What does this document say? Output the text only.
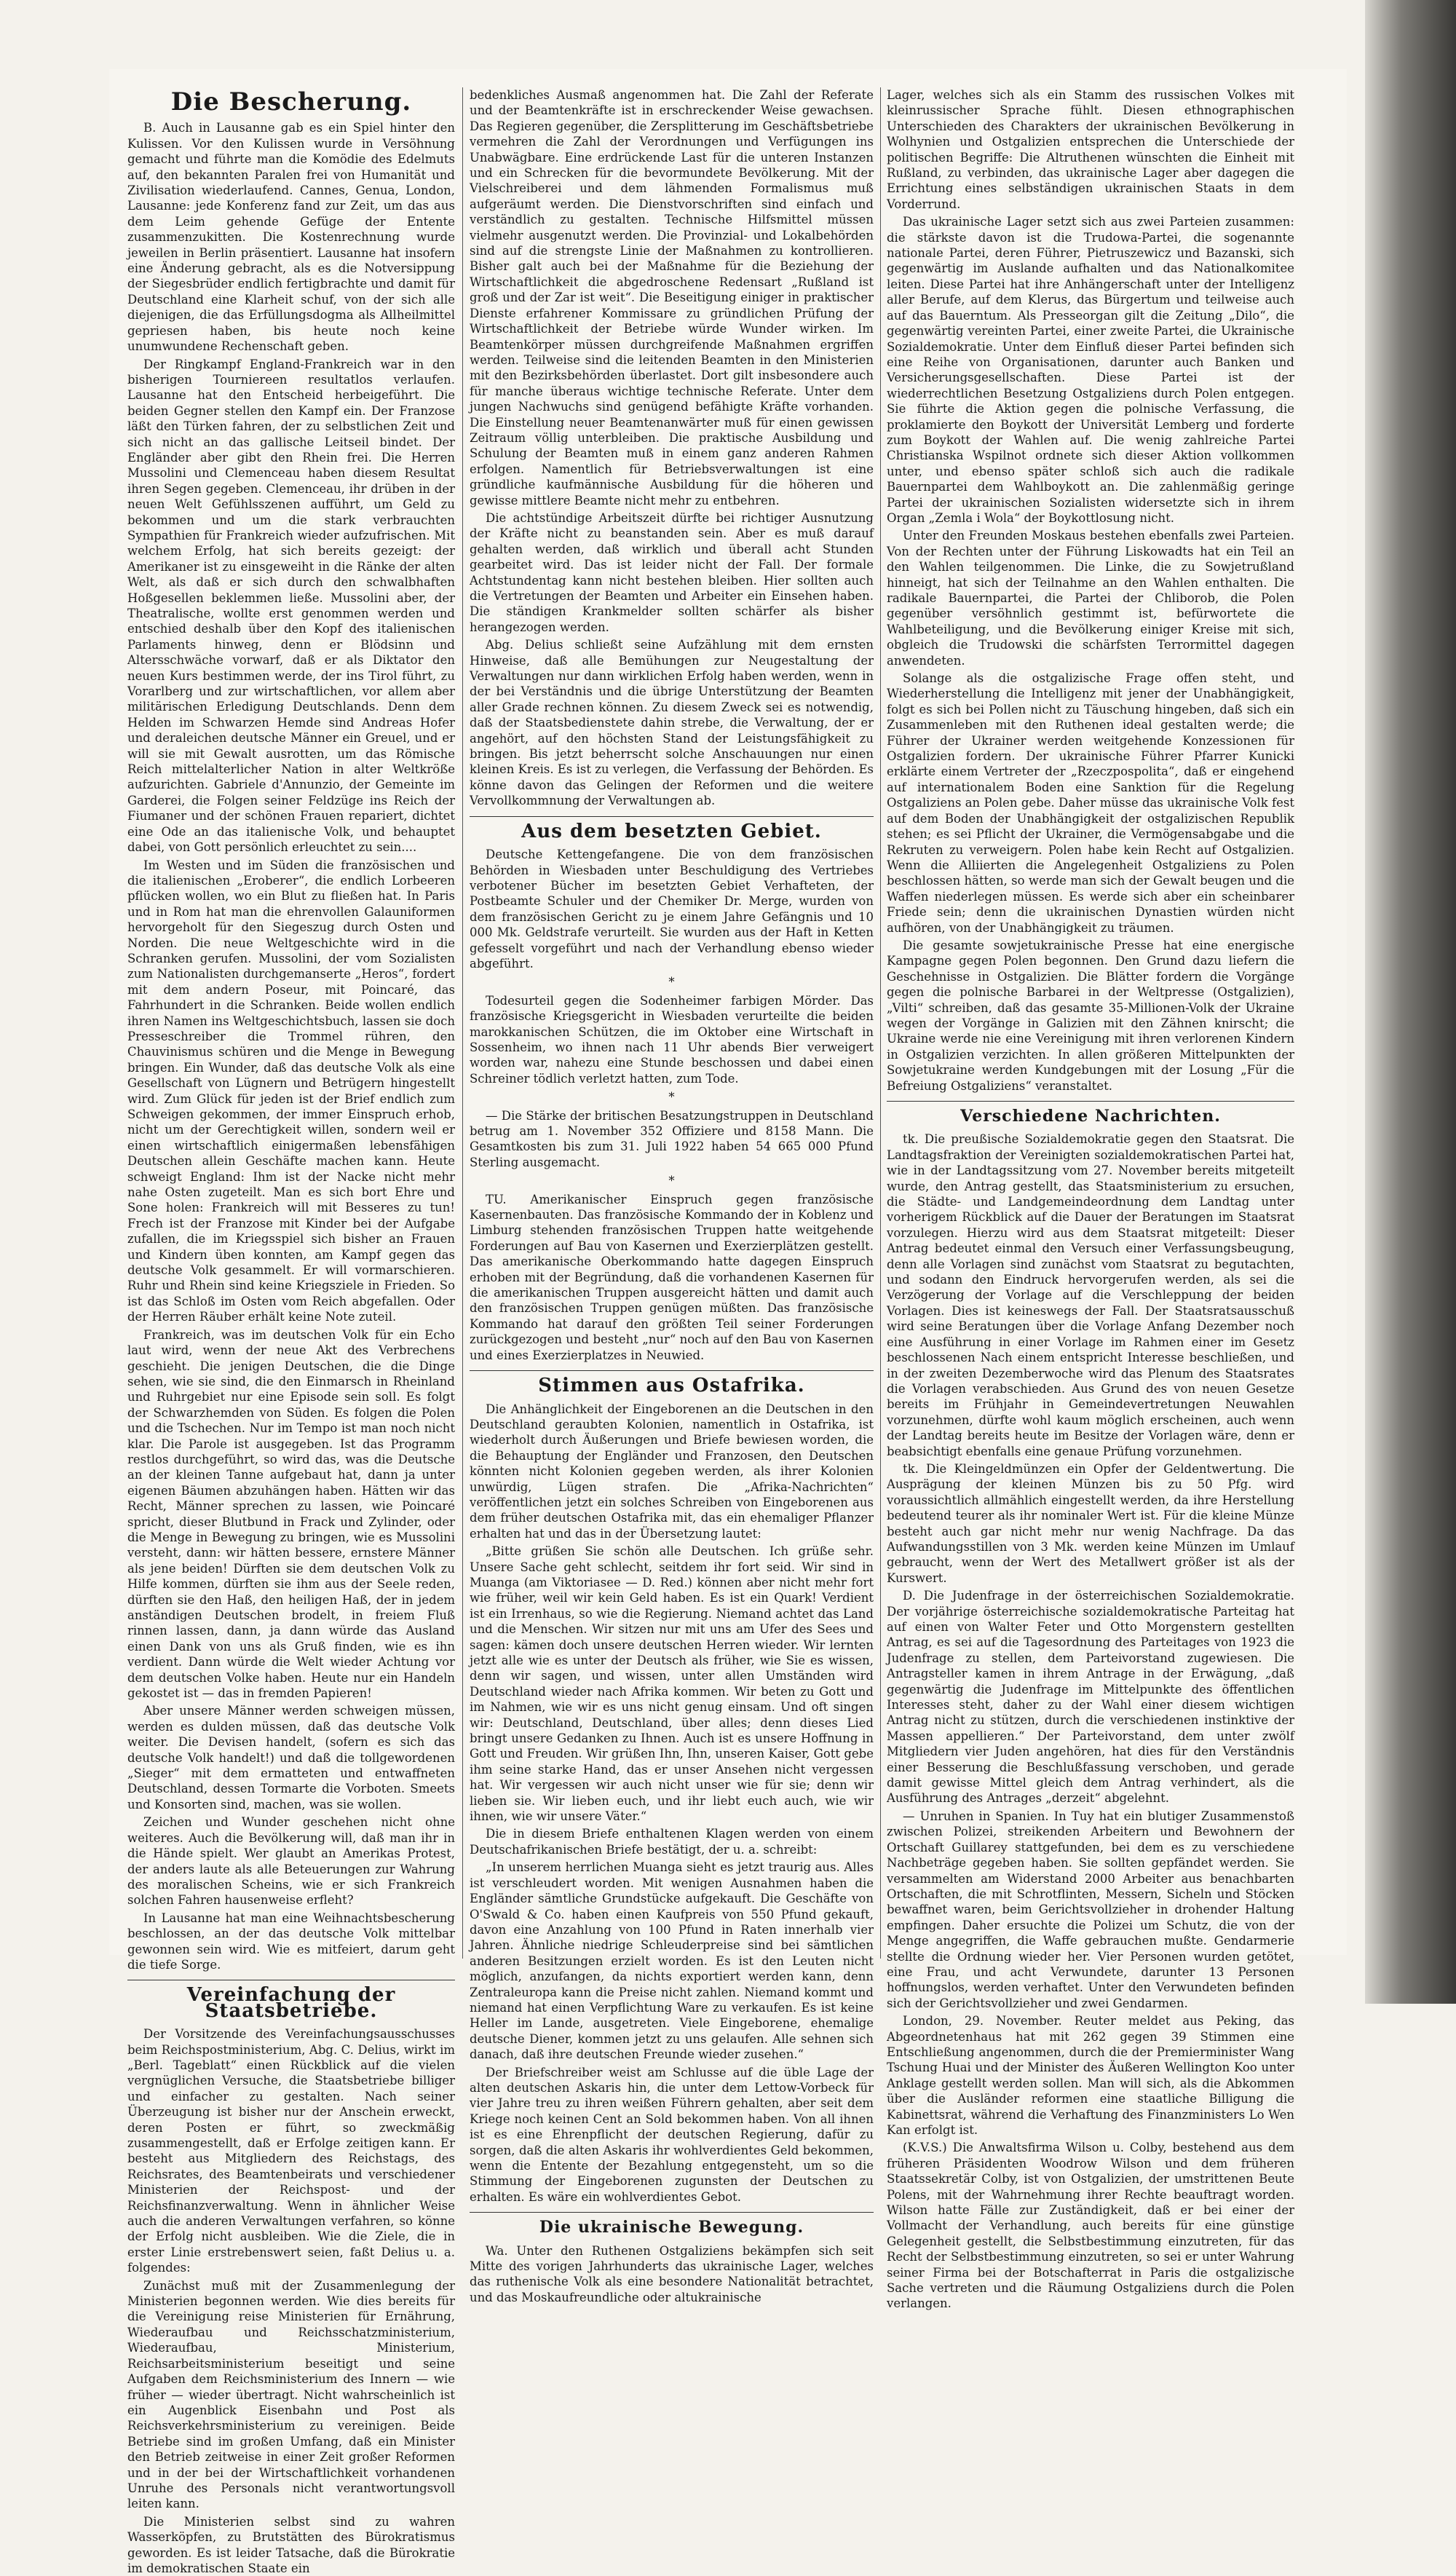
Die Bescherung.

B. Auch in Lausanne gab es ein Spiel hinter den Kulissen. Vor den Kulissen wurde in Versöhnung gemacht und führte man die Komödie des Edelmuts auf, den bekannten Paralen frei von Humanität und Zivilisation wiederlaufend. Cannes, Genua, London, Lausanne: jede Konferenz fand zur Zeit, um das aus dem Leim gehende Gefüge der Entente zusammenzukitten. Die Kostenrechnung wurde jeweilen in Berlin präsentiert. Lausanne hat insofern eine Änderung gebracht, als es die Notversippung der Siegesbrüder endlich fertigbrachte und damit für Deutschland eine Klarheit schuf, von der sich alle diejenigen, die das Erfüllungsdogma als Allheilmittel gepriesen haben, bis heute noch keine unumwundene Rechenschaft geben.

Der Ringkampf England-Frankreich war in den bisherigen Tourniereen resultatlos verlaufen. Lausanne hat den Entscheid herbeigeführt. Die beiden Gegner stellen den Kampf ein. Der Franzose läßt den Türken fahren, der zu selbstlichen Zeit und sich nicht an das gallische Leitseil bindet. Der Engländer aber gibt den Rhein frei. Die Herren Mussolini und Clemenceau haben diesem Resultat ihren Segen gegeben. Clemenceau, ihr drüben in der neuen Welt Gefühlsszenen aufführt, um Geld zu bekommen und um die stark verbrauchten Sympathien für Frankreich wieder aufzufrischen. Mit welchem Erfolg, hat sich bereits gezeigt: der Amerikaner ist zu einsgeweiht in die Ränke der alten Welt, als daß er sich durch den schwalbhaften Hoßgesellen beklemmen ließe. Mussolini aber, der Theatralische, wollte erst genommen werden und entschied deshalb über den Kopf des italienischen Parlaments hinweg, denn er Blödsinn und Altersschwäche vorwarf, daß er als Diktator den neuen Kurs bestimmen werde, der ins Tirol führt, zu Vorarlberg und zur wirtschaftlichen, vor allem aber militärischen Erledigung Deutschlands. Denn dem Helden im Schwarzen Hemde sind Andreas Hofer und deraleichen deutsche Männer ein Greuel, und er will sie mit Gewalt ausrotten, um das Römische Reich mittelalterlicher Nation in alter Weltkröße aufzurichten. Gabriele d'Annunzio, der Gemeinte im Garderei, die Folgen seiner Feldzüge ins Reich der Fiumaner und der schönen Frauen repariert, dichtet eine Ode an das italienische Volk, und behauptet dabei, von Gott persönlich erleuchtet zu sein....

Im Westen und im Süden die französischen und die italienischen „Eroberer“, die endlich Lorbeeren pflücken wollen, wo ein Blut zu fließen hat. In Paris und in Rom hat man die ehrenvollen Galauniformen hervorgeholt für den Siegeszug durch Osten und Norden. Die neue Weltgeschichte wird in die Schranken gerufen. Mussolini, der vom Sozialisten zum Nationalisten durchgemanserte „Heros“, fordert mit dem andern Poseur, mit Poincaré, das Fahrhundert in die Schranken. Beide wollen endlich ihren Namen ins Weltgeschichtsbuch, lassen sie doch Presseschreiber die Trommel rühren, den Chauvinismus schüren und die Menge in Bewegung bringen. Ein Wunder, daß das deutsche Volk als eine Gesellschaft von Lügnern und Betrügern hingestellt wird. Zum Glück für jeden ist der Brief endlich zum Schweigen gekommen, der immer Einspruch erhob, nicht um der Gerechtigkeit willen, sondern weil er einen wirtschaftlich einigermaßen lebensfähigen Deutschen allein Geschäfte machen kann. Heute schweigt England: Ihm ist der Nacke nicht mehr nahe Osten zugeteilt. Man es sich bort Ehre und Sone holen: Frankreich will mit Besseres zu tun! Frech ist der Franzose mit Kinder bei der Aufgabe zufallen, die im Kriegsspiel sich bisher an Frauen und Kindern üben konnten, am Kampf gegen das deutsche Volk gesammelt. Er will vormarschieren. Ruhr und Rhein sind keine Kriegsziele in Frieden. So ist das Schloß im Osten vom Reich abgefallen. Oder der Herren Räuber erhält keine Note zuteil.

Frankreich, was im deutschen Volk für ein Echo laut wird, wenn der neue Akt des Verbrechens geschieht. Die jenigen Deutschen, die die Dinge sehen, wie sie sind, die den Einmarsch in Rheinland und Ruhrgebiet nur eine Episode sein soll. Es folgt der Schwarzhemden von Süden. Es folgen die Polen und die Tschechen. Nur im Tempo ist man noch nicht klar. Die Parole ist ausgegeben. Ist das Programm restlos durchgeführt, so wird das, was die Deutsche an der kleinen Tanne aufgebaut hat, dann ja unter eigenen Bäumen abzuhängen haben. Hätten wir das Recht, Männer sprechen zu lassen, wie Poincaré spricht, dieser Blutbund in Frack und Zylinder, oder die Menge in Bewegung zu bringen, wie es Mussolini versteht, dann: wir hätten bessere, ernstere Männer als jene beiden! Dürften sie dem deutschen Volk zu Hilfe kommen, dürften sie ihm aus der Seele reden, dürften sie den Haß, den heiligen Haß, der in jedem anständigen Deutschen brodelt, in freiem Fluß rinnen lassen, dann, ja dann würde das Ausland einen Dank von uns als Gruß finden, wie es ihn verdient. Dann würde die Welt wieder Achtung vor dem deutschen Volke haben. Heute nur ein Handeln gekostet ist — das in fremden Papieren!

Aber unsere Männer werden schweigen müssen, werden es dulden müssen, daß das deutsche Volk weiter. Die Devisen handelt, (sofern es sich das deutsche Volk handelt!) und daß die tollgewordenen „Sieger“ mit dem ermatteten und entwaffneten Deutschland, dessen Tormarte die Vorboten. Smeets und Konsorten sind, machen, was sie wollen.

Zeichen und Wunder geschehen nicht ohne weiteres. Auch die Bevölkerung will, daß man ihr in die Hände spielt. Wer glaubt an Amerikas Protest, der anders laute als alle Beteuerungen zur Wahrung des moralischen Scheins, wie er sich Frankreich solchen Fahren hausenweise erfleht?

In Lausanne hat man eine Weihnachtsbescherung beschlossen, an der das deutsche Volk mittelbar gewonnen sein wird. Wie es mitfeiert, darum geht die tiefe Sorge.

Vereinfachung der Staatsbetriebe.

Der Vorsitzende des Vereinfachungsausschusses beim Reichspostministerium, Abg. C. Delius, wirkt im „Berl. Tageblatt“ einen Rückblick auf die vielen vergnüglichen Versuche, die Staatsbetriebe billiger und einfacher zu gestalten. Nach seiner Überzeugung ist bisher nur der Anschein erweckt, deren Posten er führt, so zweckmäßig zusammengestellt, daß er Erfolge zeitigen kann. Er besteht aus Mitgliedern des Reichstags, des Reichsrates, des Beamtenbeirats und verschiedener Ministerien der Reichspost- und der Reichsfinanzverwaltung. Wenn in ähnlicher Weise auch die anderen Verwaltungen verfahren, so könne der Erfolg nicht ausbleiben. Wie die Ziele, die in erster Linie erstrebenswert seien, faßt Delius u. a. folgendes:

Zunächst muß mit der Zusammenlegung der Ministerien begonnen werden. Wie dies bereits für die Vereinigung reise Ministerien für Ernährung, Wiederaufbau und Reichsschatzministerium, Wiederaufbau, Ministerium, Reichsarbeitsministerium beseitigt und seine Aufgaben dem Reichsministerium des Innern — wie früher — wieder übertragt. Nicht wahrscheinlich ist ein Augenblick Eisenbahn und Post als Reichsverkehrsministerium zu vereinigen. Beide Betriebe sind im großen Umfang, daß ein Minister den Betrieb zeitweise in einer Zeit großer Reformen und in der bei der Wirtschaftlichkeit vorhandenen Unruhe des Personals nicht verantwortungsvoll leiten kann.

Die Ministerien selbst sind zu wahren Wasserköpfen, zu Brutstätten des Bürokratismus geworden. Es ist leider Tatsache, daß die Bürokratie im demokratischen Staate ein

bedenkliches Ausmaß angenommen hat. Die Zahl der Referate und der Beamtenkräfte ist in erschreckender Weise gewachsen. Das Regieren gegenüber, die Zersplitterung im Geschäftsbetriebe vermehren die Zahl der Verordnungen und Verfügungen ins Unabwägbare. Eine erdrückende Last für die unteren Instanzen und ein Schrecken für die bevormundete Bevölkerung. Mit der Vielschreiberei und dem lähmenden Formalismus muß aufgeräumt werden. Die Dienstvorschriften sind einfach und verständlich zu gestalten. Technische Hilfsmittel müssen vielmehr ausgenutzt werden. Die Provinzial- und Lokalbehörden sind auf die strengste Linie der Maßnahmen zu kontrollieren. Bisher galt auch bei der Maßnahme für die Beziehung der Wirtschaftlichkeit die abgedroschene Redensart „Rußland ist groß und der Zar ist weit“. Die Beseitigung einiger in praktischer Dienste erfahrener Kommissare zu gründlichen Prüfung der Wirtschaftlichkeit der Betriebe würde Wunder wirken. Im Beamtenkörper müssen durchgreifende Maßnahmen ergriffen werden. Teilweise sind die leitenden Beamten in den Ministerien mit den Bezirksbehörden überlastet. Dort gilt insbesondere auch für manche überaus wichtige technische Referate. Unter dem jungen Nachwuchs sind genügend befähigte Kräfte vorhanden. Die Einstellung neuer Beamtenanwärter muß für einen gewissen Zeitraum völlig unterbleiben. Die praktische Ausbildung und Schulung der Beamten muß in einem ganz anderen Rahmen erfolgen. Namentlich für Betriebsverwaltungen ist eine gründliche kaufmännische Ausbildung für die höheren und gewisse mittlere Beamte nicht mehr zu entbehren.

Die achtstündige Arbeitszeit dürfte bei richtiger Ausnutzung der Kräfte nicht zu beanstanden sein. Aber es muß darauf gehalten werden, daß wirklich und überall acht Stunden gearbeitet wird. Das ist leider nicht der Fall. Der formale Achtstundentag kann nicht bestehen bleiben. Hier sollten auch die Vertretungen der Beamten und Arbeiter ein Einsehen haben. Die ständigen Krankmelder sollten schärfer als bisher herangezogen werden.

Abg. Delius schließt seine Aufzählung mit dem ernsten Hinweise, daß alle Bemühungen zur Neugestaltung der Verwaltungen nur dann wirklichen Erfolg haben werden, wenn in der bei Verständnis und die übrige Unterstützung der Beamten aller Grade rechnen können. Zu diesem Zweck sei es notwendig, daß der Staatsbedienstete dahin strebe, die Verwaltung, der er angehört, auf den höchsten Stand der Leistungsfähigkeit zu bringen. Bis jetzt beherrscht solche Anschauungen nur einen kleinen Kreis. Es ist zu verlegen, die Verfassung der Behörden. Es könne davon das Gelingen der Reformen und die weitere Vervollkommnung der Verwaltungen ab.

Aus dem besetzten Gebiet.

Deutsche Kettengefangene. Die von dem französischen Behörden in Wiesbaden unter Beschuldigung des Vertriebes verbotener Bücher im besetzten Gebiet Verhafteten, der Postbeamte Schuler und der Chemiker Dr. Merge, wurden von dem französischen Gericht zu je einem Jahre Gefängnis und 10 000 Mk. Geldstrafe verurteilt. Sie wurden aus der Haft in Ketten gefesselt vorgeführt und nach der Verhandlung ebenso wieder abgeführt.

*

Todesurteil gegen die Sodenheimer farbigen Mörder. Das französische Kriegsgericht in Wiesbaden verurteilte die beiden marokkanischen Schützen, die im Oktober eine Wirtschaft in Sossenheim, wo ihnen nach 11 Uhr abends Bier verweigert worden war, nahezu eine Stunde beschossen und dabei einen Schreiner tödlich verletzt hatten, zum Tode.

*

— Die Stärke der britischen Besatzungstruppen in Deutschland betrug am 1. November 352 Offiziere und 8158 Mann. Die Gesamtkosten bis zum 31. Juli 1922 haben 54 665 000 Pfund Sterling ausgemacht.

*

TU. Amerikanischer Einspruch gegen französische Kasernenbauten. Das französische Kommando der in Koblenz und Limburg stehenden französischen Truppen hatte weitgehende Forderungen auf Bau von Kasernen und Exerzierplätzen gestellt. Das amerikanische Oberkommando hatte dagegen Einspruch erhoben mit der Begründung, daß die vorhandenen Kasernen für die amerikanischen Truppen ausgereicht hätten und damit auch den französischen Truppen genügen müßten. Das französische Kommando hat darauf den größten Teil seiner Forderungen zurückgezogen und besteht „nur“ noch auf den Bau von Kasernen und eines Exerzierplatzes in Neuwied.

Stimmen aus Ostafrika.

Die Anhänglichkeit der Eingeborenen an die Deutschen in den Deutschland geraubten Kolonien, namentlich in Ostafrika, ist wiederholt durch Äußerungen und Briefe bewiesen worden, die die Behauptung der Engländer und Franzosen, den Deutschen könnten nicht Kolonien gegeben werden, als ihrer Kolonien unwürdig, Lügen strafen. Die „Afrika-Nachrichten“ veröffentlichen jetzt ein solches Schreiben von Eingeborenen aus dem früher deutschen Ostafrika mit, das ein ehemaliger Pflanzer erhalten hat und das in der Übersetzung lautet:

„Bitte grüßen Sie schön alle Deutschen. Ich grüße sehr. Unsere Sache geht schlecht, seitdem ihr fort seid. Wir sind in Muanga (am Viktoriasee — D. Red.) können aber nicht mehr fort wie früher, weil wir kein Geld haben. Es ist ein Quark! Verdient ist ein Irrenhaus, so wie die Regierung. Niemand achtet das Land und die Menschen. Wir sitzen nur mit uns am Ufer des Sees und sagen: kämen doch unsere deutschen Herren wieder. Wir lernten jetzt alle wie es unter der Deutsch als früher, wie Sie es wissen, denn wir sagen, und wissen, unter allen Umständen wird Deutschland wieder nach Afrika kommen. Wir beten zu Gott und im Nahmen, wie wir es uns nicht genug einsam. Und oft singen wir: Deutschland, Deutschland, über alles; denn dieses Lied bringt unsere Gedanken zu Ihnen. Auch ist es unsere Hoffnung in Gott und Freuden. Wir grüßen Ihn, Ihn, unseren Kaiser, Gott gebe ihm seine starke Hand, das er unser Ansehen nicht vergessen hat. Wir vergessen wir auch nicht unser wie für sie; denn wir lieben sie. Wir lieben euch, und ihr liebt euch auch, wie wir ihnen, wie wir unsere Väter.“

Die in diesem Briefe enthaltenen Klagen werden von einem Deutschafrikanischen Briefe bestätigt, der u. a. schreibt:

„In unserem herrlichen Muanga sieht es jetzt traurig aus. Alles ist verschleudert worden. Mit wenigen Ausnahmen haben die Engländer sämtliche Grundstücke aufgekauft. Die Geschäfte von O'Swald & Co. haben einen Kaufpreis von 550 Pfund gekauft, davon eine Anzahlung von 100 Pfund in Raten innerhalb vier Jahren. Ähnliche niedrige Schleuderpreise sind bei sämtlichen anderen Besitzungen erzielt worden. Es ist den Leuten nicht möglich, anzufangen, da nichts exportiert werden kann, denn Zentraleuropa kann die Preise nicht zahlen. Niemand kommt und niemand hat einen Verpflichtung Ware zu verkaufen. Es ist keine Heller im Lande, ausgetreten. Viele Eingeborene, ehemalige deutsche Diener, kommen jetzt zu uns gelaufen. Alle sehnen sich danach, daß ihre deutschen Freunde wieder zusehen.“

Der Briefschreiber weist am Schlusse auf die üble Lage der alten deutschen Askaris hin, die unter dem Lettow-Vorbeck für vier Jahre treu zu ihren weißen Führern gehalten, aber seit dem Kriege noch keinen Cent an Sold bekommen haben. Von all ihnen ist es eine Ehrenpflicht der deutschen Regierung, dafür zu sorgen, daß die alten Askaris ihr wohlverdientes Geld bekommen, wenn die Entente der Bezahlung entgegensteht, um so die Stimmung der Eingeborenen zugunsten der Deutschen zu erhalten. Es wäre ein wohlverdientes Gebot.

Die ukrainische Bewegung.

Wa. Unter den Ruthenen Ostgaliziens bekämpfen sich seit Mitte des vorigen Jahrhunderts das ukrainische Lager, welches das ruthenische Volk als eine besondere Nationalität betrachtet, und das Moskaufreundliche oder altukrainische

Lager, welches sich als ein Stamm des russischen Volkes mit kleinrussischer Sprache fühlt. Diesen ethnographischen Unterschieden des Charakters der ukrainischen Bevölkerung in Wolhynien und Ostgalizien entsprechen die Unterschiede der politischen Begriffe: Die Altruthenen wünschten die Einheit mit Rußland, zu verbinden, das ukrainische Lager aber dagegen die Errichtung eines selbständigen ukrainischen Staats in dem Vorderrund.

Das ukrainische Lager setzt sich aus zwei Parteien zusammen: die stärkste davon ist die Trudowa-Partei, die sogenannte nationale Partei, deren Führer, Pietruszewicz und Bazanski, sich gegenwärtig im Auslande aufhalten und das Nationalkomitee leiten. Diese Partei hat ihre Anhängerschaft unter der Intelligenz aller Berufe, auf dem Klerus, das Bürgertum und teilweise auch auf das Bauerntum. Als Presseorgan gilt die Zeitung „Dilo“, die gegenwärtig vereinten Partei, einer zweite Partei, die Ukrainische Sozialdemokratie. Unter dem Einfluß dieser Partei befinden sich eine Reihe von Organisationen, darunter auch Banken und Versicherungsgesellschaften. Diese Partei ist der wiederrechtlichen Besetzung Ostgaliziens durch Polen entgegen. Sie führte die Aktion gegen die polnische Verfassung, die proklamierte den Boykott der Universität Lemberg und forderte zum Boykott der Wahlen auf. Die wenig zahlreiche Partei Christianska Wspilnot ordnete sich dieser Aktion vollkommen unter, und ebenso später schloß sich auch die radikale Bauernpartei dem Wahlboykott an. Die zahlenmäßig geringe Partei der ukrainischen Sozialisten widersetzte sich in ihrem Organ „Zemla i Wola“ der Boykottlosung nicht.

Unter den Freunden Moskaus bestehen ebenfalls zwei Parteien. Von der Rechten unter der Führung Liskowadts hat ein Teil an den Wahlen teilgenommen. Die Linke, die zu Sowjetrußland hinneigt, hat sich der Teilnahme an den Wahlen enthalten. Die radikale Bauernpartei, die Partei der Chliborob, die Polen gegenüber versöhnlich gestimmt ist, befürwortete die Wahlbeteiligung, und die Bevölkerung einiger Kreise mit sich, obgleich die Trudowski die schärfsten Terrormittel dagegen anwendeten.

Solange als die ostgalizische Frage offen steht, und Wiederherstellung die Intelligenz mit jener der Unabhängigkeit, folgt es sich bei Pollen nicht zu Täuschung hingeben, daß sich ein Zusammenleben mit den Ruthenen ideal gestalten werde; die Führer der Ukrainer werden weitgehende Konzessionen für Ostgalizien fordern. Der ukrainische Führer Pfarrer Kunicki erklärte einem Vertreter der „Rzeczpospolita“, daß er eingehend auf internationalem Boden eine Sanktion für die Regelung Ostgaliziens an Polen gebe. Daher müsse das ukrainische Volk fest auf dem Boden der Unabhängigkeit der ostgalizischen Republik stehen; es sei Pflicht der Ukrainer, die Vermögensabgabe und die Rekruten zu verweigern. Polen habe kein Recht auf Ostgalizien. Wenn die Alliierten die Angelegenheit Ostgaliziens zu Polen beschlossen hätten, so werde man sich der Gewalt beugen und die Waffen niederlegen müssen. Es werde sich aber ein scheinbarer Friede sein; denn die ukrainischen Dynastien würden nicht aufhören, von der Unabhängigkeit zu träumen.

Die gesamte sowjetukrainische Presse hat eine energische Kampagne gegen Polen begonnen. Den Grund dazu liefern die Geschehnisse in Ostgalizien. Die Blätter fordern die Vorgänge gegen die polnische Barbarei in der Weltpresse (Ostgalizien), „Vilti“ schreiben, daß das gesamte 35-Millionen-Volk der Ukraine wegen der Vorgänge in Galizien mit den Zähnen knirscht; die Ukraine werde nie eine Vereinigung mit ihren verlorenen Kindern in Ostgalizien verzichten. In allen größeren Mittelpunkten der Sowjetukraine werden Kundgebungen mit der Losung „Für die Befreiung Ostgaliziens“ veranstaltet.

Verschiedene Nachrichten.

tk. Die preußische Sozialdemokratie gegen den Staatsrat. Die Landtagsfraktion der Vereinigten sozialdemokratischen Partei hat, wie in der Landtagssitzung vom 27. November bereits mitgeteilt wurde, den Antrag gestellt, das Staatsministerium zu ersuchen, die Städte- und Landgemeindeordnung dem Landtag unter vorherigem Rückblick auf die Dauer der Beratungen im Staatsrat vorzulegen. Hierzu wird aus dem Staatsrat mitgeteilt: Dieser Antrag bedeutet einmal den Versuch einer Verfassungsbeugung, denn alle Vorlagen sind zunächst vom Staatsrat zu begutachten, und sodann den Eindruck hervorgerufen werden, als sei die Verzögerung der Vorlage auf die Verschleppung der beiden Vorlagen. Dies ist keineswegs der Fall. Der Staatsratsausschuß wird seine Beratungen über die Vorlage Anfang Dezember noch eine Ausführung in einer Vorlage im Rahmen einer im Gesetz beschlossenen Nach einem entspricht Interesse beschließen, und in der zweiten Dezemberwoche wird das Plenum des Staatsrates die Vorlagen verabschieden. Aus Grund des von neuen Gesetze bereits im Frühjahr in Gemeindevertretungen Neuwahlen vorzunehmen, dürfte wohl kaum möglich erscheinen, auch wenn der Landtag bereits heute im Besitze der Vorlagen wäre, denn er beabsichtigt ebenfalls eine genaue Prüfung vorzunehmen.

tk. Die Kleingeldmünzen ein Opfer der Geldentwertung. Die Ausprägung der kleinen Münzen bis zu 50 Pfg. wird voraussichtlich allmählich eingestellt werden, da ihre Herstellung bedeutend teurer als ihr nominaler Wert ist. Für die kleine Münze besteht auch gar nicht mehr nur wenig Nachfrage. Da das Aufwandungsstillen von 3 Mk. werden keine Münzen im Umlauf gebraucht, wenn der Wert des Metallwert größer ist als der Kurswert.

D. Die Judenfrage in der österreichischen Sozialdemokratie. Der vorjährige österreichische sozialdemokratische Parteitag hat auf einen von Walter Feter und Otto Morgenstern gestellten Antrag, es sei auf die Tagesordnung des Parteitages von 1923 die Judenfrage zu stellen, dem Parteivorstand zugewiesen. Die Antragsteller kamen in ihrem Antrage in der Erwägung, „daß gegenwärtig die Judenfrage im Mittelpunkte des öffentlichen Interesses steht, daher zu der Wahl einer diesem wichtigen Antrag nicht zu stützen, durch die verschiedenen instinktive der Massen appellieren.“ Der Parteivorstand, dem unter zwölf Mitgliedern vier Juden angehören, hat dies für den Verständnis einer Besserung die Beschlußfassung verschoben, und gerade damit gewisse Mittel gleich dem Antrag verhindert, als die Ausführung des Antrages „derzeit“ abgelehnt.

— Unruhen in Spanien. In Tuy hat ein blutiger Zusammenstoß zwischen Polizei, streikenden Arbeitern und Bewohnern der Ortschaft Guillarey stattgefunden, bei dem es zu verschiedene Nachbeträge gegeben haben. Sie sollten gepfändet werden. Sie versammelten am Widerstand 2000 Arbeiter aus benachbarten Ortschaften, die mit Schrotflinten, Messern, Sicheln und Stöcken bewaffnet waren, beim Gerichtsvollzieher in drohender Haltung empfingen. Daher ersuchte die Polizei um Schutz, die von der Menge angegriffen, die Waffe gebrauchen mußte. Gendarmerie stellte die Ordnung wieder her. Vier Personen wurden getötet, eine Frau, und acht Verwundete, darunter 13 Personen hoffnungslos, werden verhaftet. Unter den Verwundeten befinden sich der Gerichtsvollzieher und zwei Gendarmen.

London, 29. November. Reuter meldet aus Peking, das Abgeordnetenhaus hat mit 262 gegen 39 Stimmen eine Entschließung angenommen, durch die der Premierminister Wang Tschung Huai und der Minister des Äußeren Wellington Koo unter Anklage gestellt werden sollen. Man will sich, als die Abkommen über die Ausländer reformen eine staatliche Billigung die Kabinettsrat, während die Verhaftung des Finanzministers Lo Wen Kan erfolgt ist.

(K.V.S.) Die Anwaltsfirma Wilson u. Colby, bestehend aus dem früheren Präsidenten Woodrow Wilson und dem früheren Staatssekretär Colby, ist von Ostgalizien, der umstrittenen Beute Polens, mit der Wahrnehmung ihrer Rechte beauftragt worden. Wilson hatte Fälle zur Zuständigkeit, daß er bei einer der Vollmacht der Verhandlung, auch bereits für eine günstige Gelegenheit gestellt, die Selbstbestimmung einzutreten, für das Recht der Selbstbestimmung einzutreten, so sei er unter Wahrung seiner Firma bei der Botschafterrat in Paris die ostgalizische Sache vertreten und die Räumung Ostgaliziens durch die Polen verlangen.
